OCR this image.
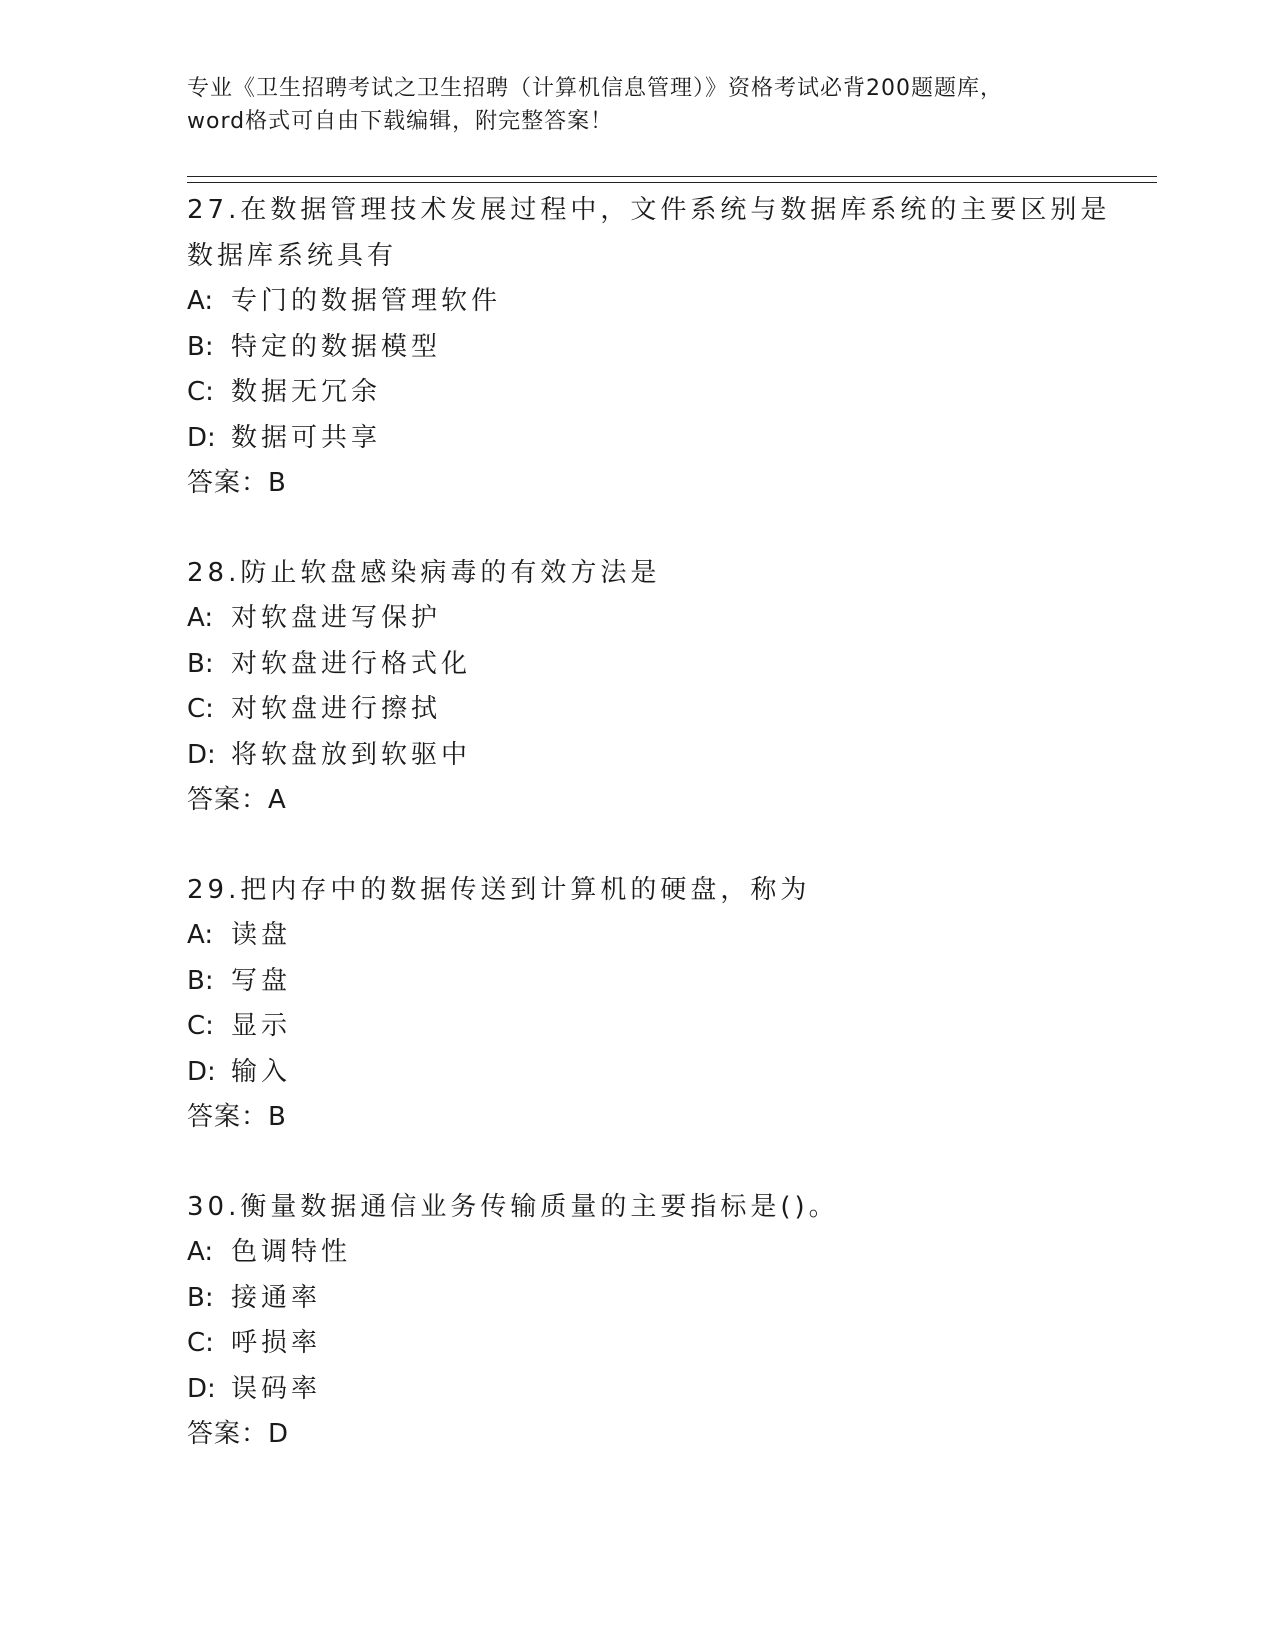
专业《卫生招聘考试之卫生招聘（计算机信息管理）》资格考试必背200题题库，
word格式可自由下载编辑，附完整答案！
27.在数据管理技术发展过程中，文件系统与数据库系统的主要区别是
数据库系统具有
A: 专门的数据管理软件
B: 特定的数据模型
C: 数据无冗余
D: 数据可共享
答案：B
28.防止软盘感染病毒的有效方法是
A: 对软盘进写保护
B: 对软盘进行格式化
C: 对软盘进行擦拭
D: 将软盘放到软驱中
答案：A
29.把内存中的数据传送到计算机的硬盘，称为
A: 读盘
B: 写盘
C: 显示
D: 输入
答案：B
30.衡量数据通信业务传输质量的主要指标是()。
A: 色调特性
B: 接通率
C: 呼损率
D: 误码率
答案：D
